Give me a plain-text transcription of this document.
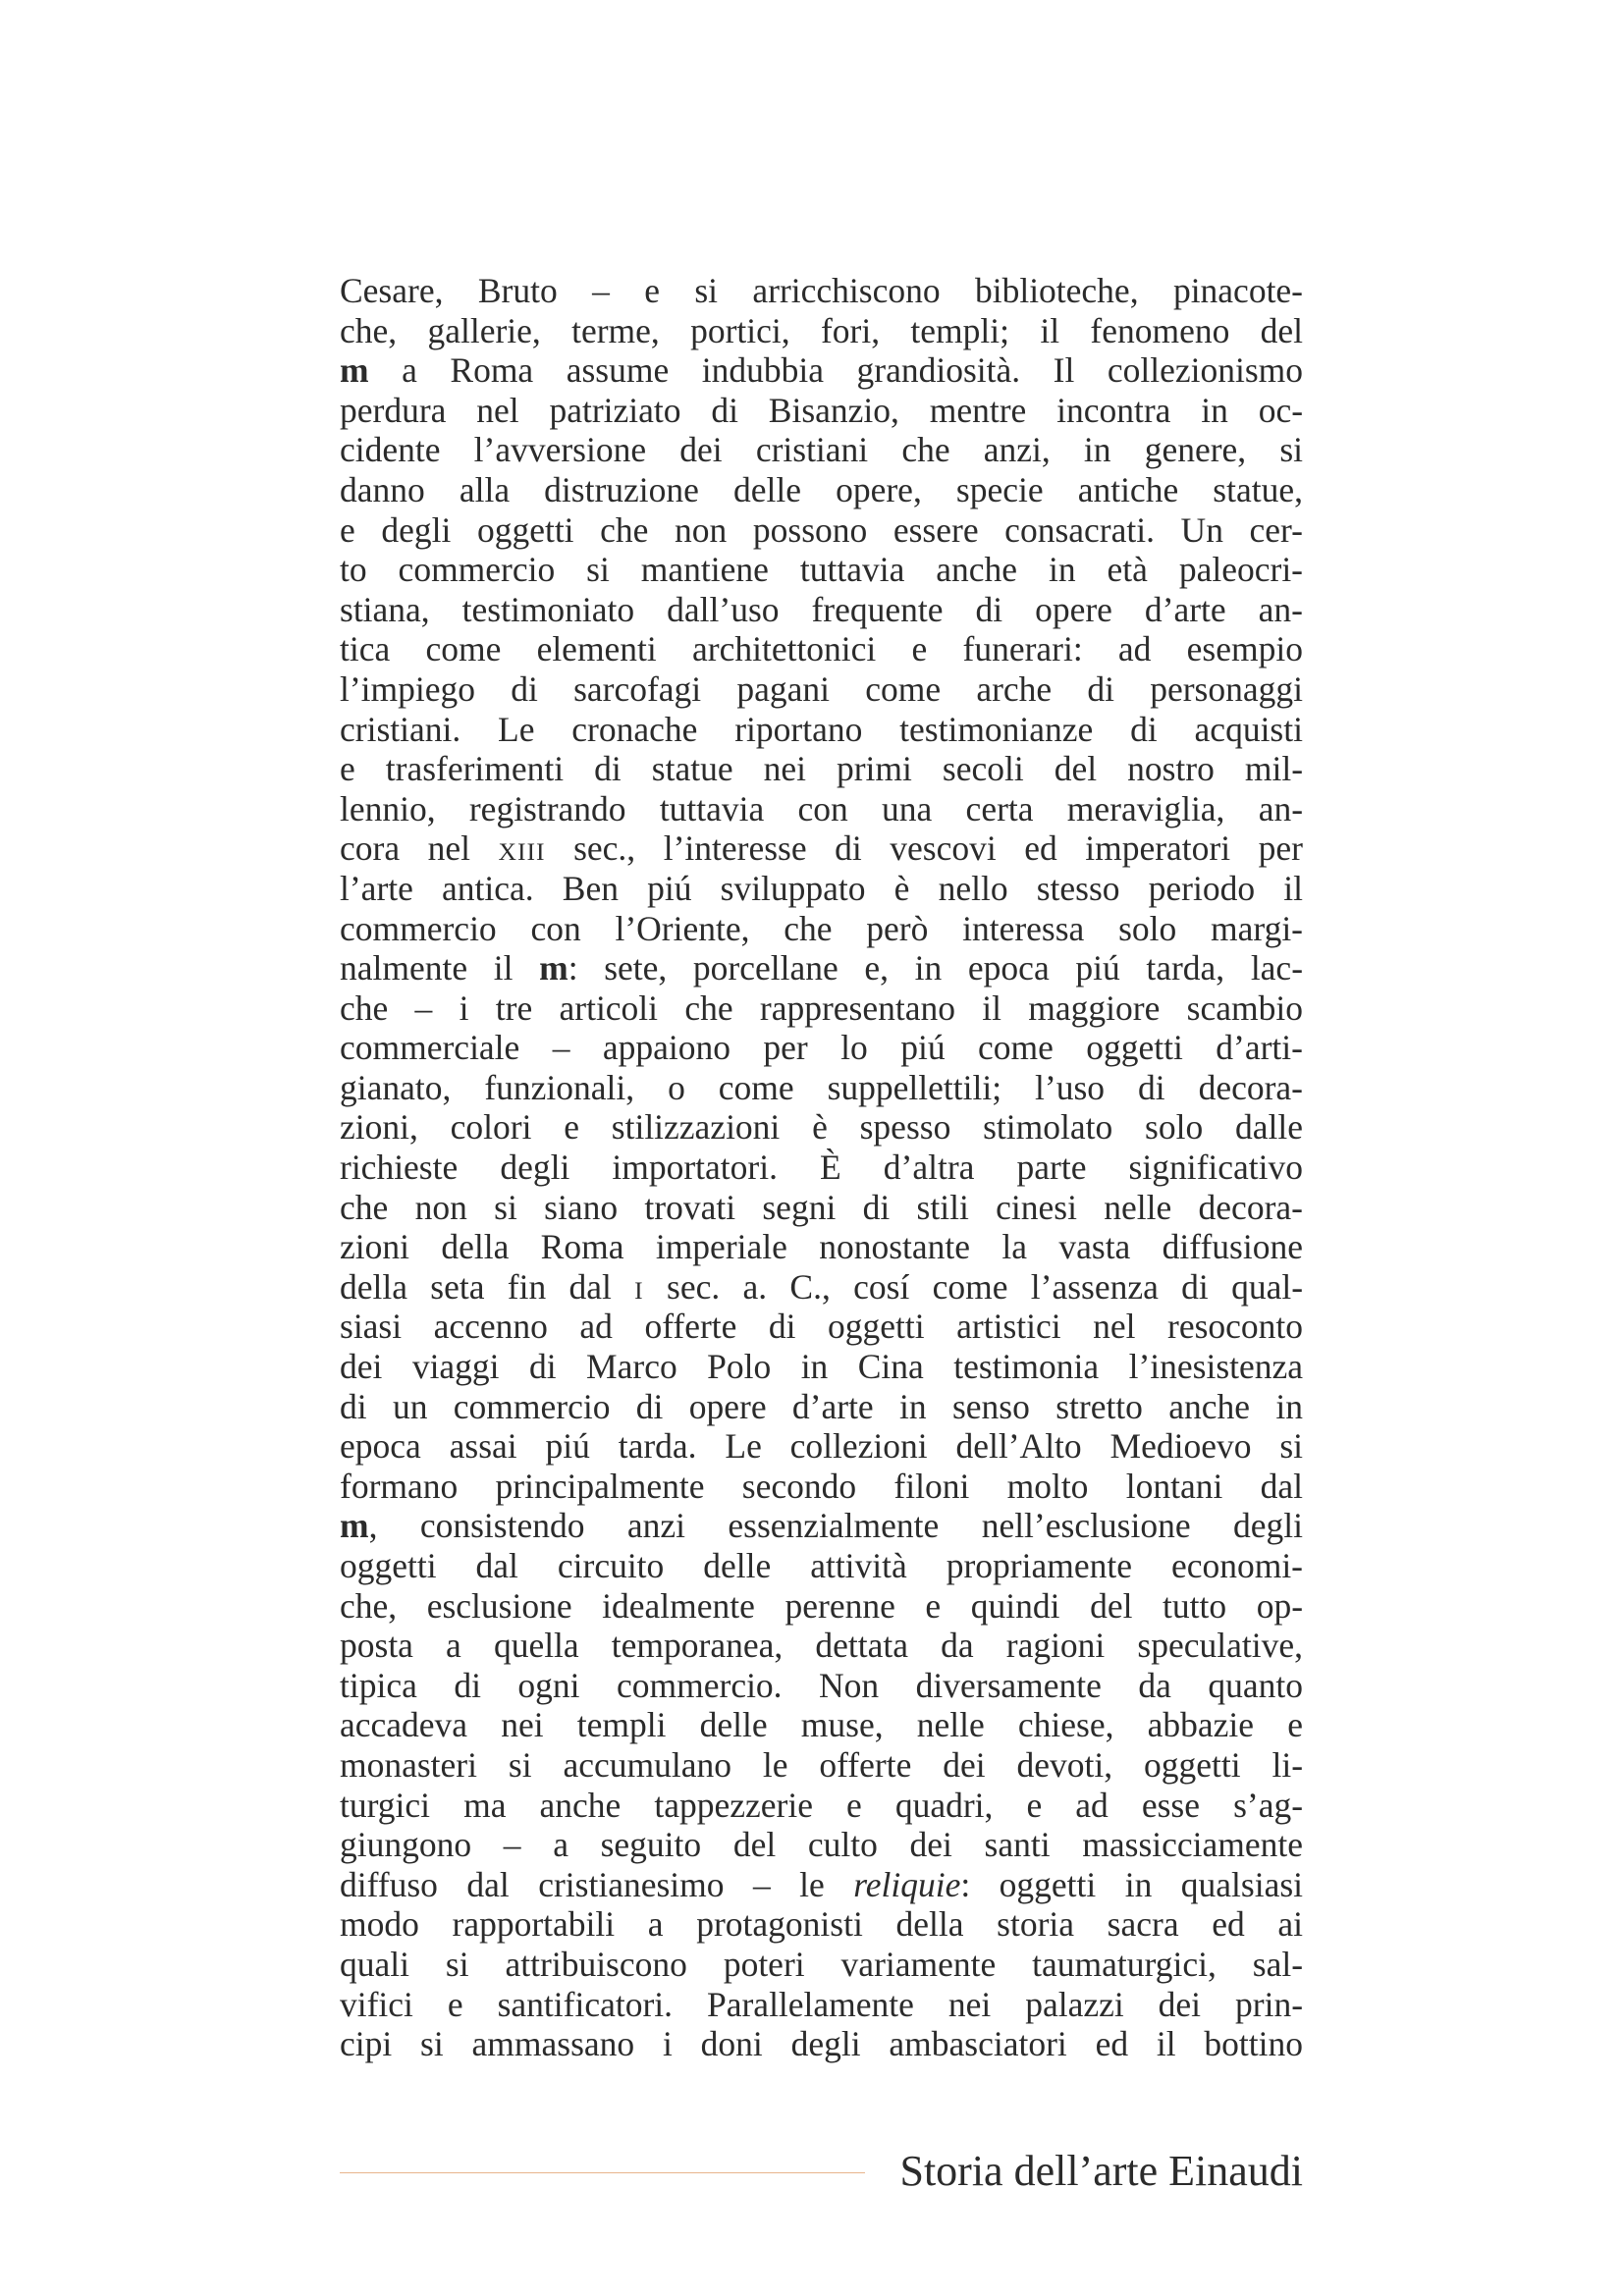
Cesare, Bruto – e si arricchiscono biblioteche, pinacote-
che, gallerie, terme, portici, fori, templi; il fenomeno del
m a Roma assume indubbia grandiosità. Il collezionismo
perdura nel patriziato di Bisanzio, mentre incontra in oc-
cidente l’avversione dei cristiani che anzi, in genere, si
danno alla distruzione delle opere, specie antiche statue,
e degli oggetti che non possono essere consacrati. Un cer-
to commercio si mantiene tuttavia anche in età paleocri-
stiana, testimoniato dall’uso frequente di opere d’arte an-
tica come elementi architettonici e funerari: ad esempio
l’impiego di sarcofagi pagani come arche di personaggi
cristiani. Le cronache riportano testimonianze di acquisti
e trasferimenti di statue nei primi secoli del nostro mil-
lennio, registrando tuttavia con una certa meraviglia, an-
cora nel XIII sec., l’interesse di vescovi ed imperatori per
l’arte antica. Ben piú sviluppato è nello stesso periodo il
commercio con l’Oriente, che però interessa solo margi-
nalmente il m: sete, porcellane e, in epoca piú tarda, lac-
che – i tre articoli che rappresentano il maggiore scambio
commerciale – appaiono per lo piú come oggetti d’arti-
gianato, funzionali, o come suppellettili; l’uso di decora-
zioni, colori e stilizzazioni è spesso stimolato solo dalle
richieste degli importatori. È d’altra parte significativo
che non si siano trovati segni di stili cinesi nelle decora-
zioni della Roma imperiale nonostante la vasta diffusione
della seta fin dal I sec. a. C., cosí come l’assenza di qual-
siasi accenno ad offerte di oggetti artistici nel resoconto
dei viaggi di Marco Polo in Cina testimonia l’inesistenza
di un commercio di opere d’arte in senso stretto anche in
epoca assai piú tarda. Le collezioni dell’Alto Medioevo si
formano principalmente secondo filoni molto lontani dal
m, consistendo anzi essenzialmente nell’esclusione degli
oggetti dal circuito delle attività propriamente economi-
che, esclusione idealmente perenne e quindi del tutto op-
posta a quella temporanea, dettata da ragioni speculative,
tipica di ogni commercio. Non diversamente da quanto
accadeva nei templi delle muse, nelle chiese, abbazie e
monasteri si accumulano le offerte dei devoti, oggetti li-
turgici ma anche tappezzerie e quadri, e ad esse s’ag-
giungono – a seguito del culto dei santi massicciamente
diffuso dal cristianesimo – le reliquie: oggetti in qualsiasi
modo rapportabili a protagonisti della storia sacra ed ai
quali si attribuiscono poteri variamente taumaturgici, sal-
vifici e santificatori. Parallelamente nei palazzi dei prin-
cipi si ammassano i doni degli ambasciatori ed il bottino
Storia dell’arte Einaudi
